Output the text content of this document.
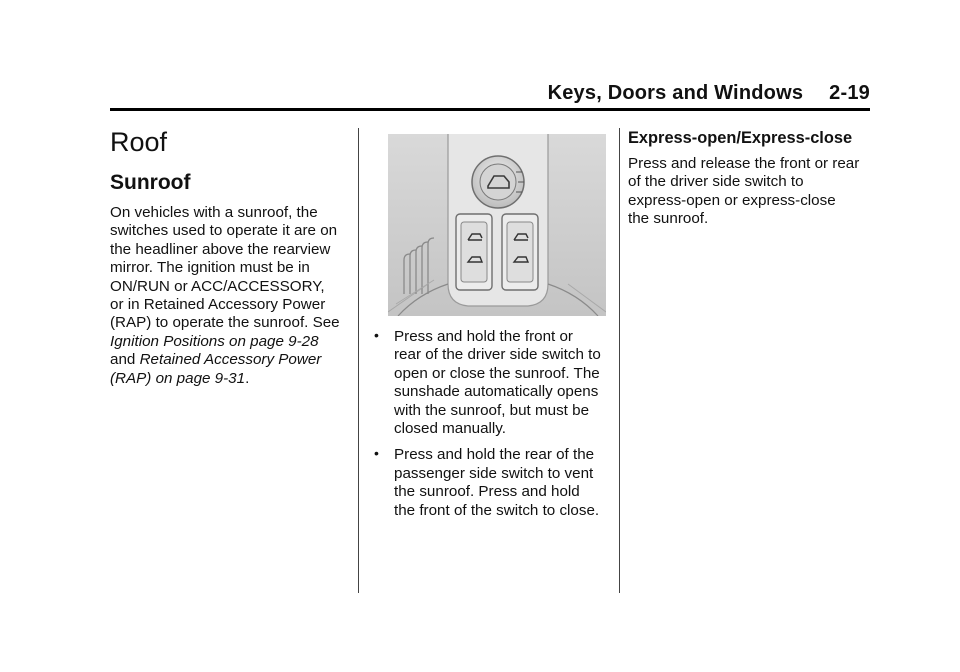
Keys, Doors and Windows 2-19
Roof
Sunroof

On vehicles with a sunroof, the switches used to operate it are on the headliner above the rearview mirror. The ignition must be in ON/RUN or ACC/ACCESSORY, or in Retained Accessory Power (RAP) to operate the sunroof. See Ignition Positions on page 9-28 and Retained Accessory Power (RAP) on page 9-31.

• Press and hold the front or rear of the driver side switch to open or close the sunroof. The sunshade automatically opens with the sunroof, but must be closed manually.
• Press and hold the rear of the passenger side switch to vent the sunroof. Press and hold the front of the switch to close.
Express-open/Express-close

Press and release the front or rear of the driver side switch to express-open or express-close the sunroof.
